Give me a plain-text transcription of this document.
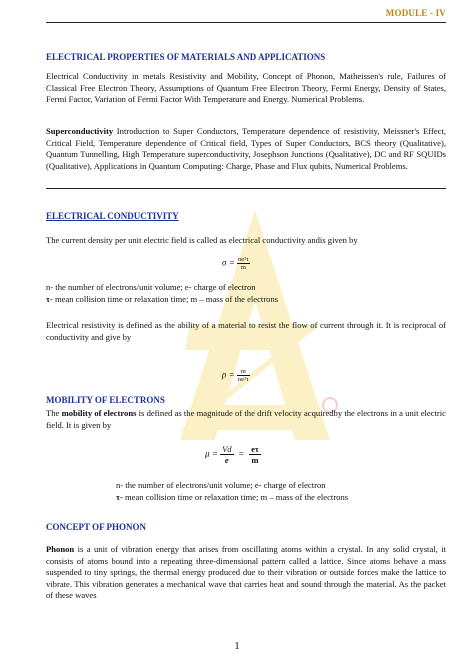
MODULE - IV
ELECTRICAL PROPERTIES OF MATERIALS AND APPLICATIONS
Electrical Conductivity in metals Resistivity and Mobility, Concept of Phonon, Matheissen's rule, Failures of Classical Free Electron Theory, Assumptions of Quantum Free Electron Theory, Fermi Energy, Density of States, Fermi Factor, Variation of Fermi Factor With Temperature and Energy. Numerical Problems.
Superconductivity Introduction to Super Conductors, Temperature dependence of resistivity, Meissner's Effect, Critical Field, Temperature dependence of Critical field, Types of Super Conductors, BCS theory (Qualitative), Quantum Tunnelling, High Temperature superconductivity, Josephson Junctions (Qualitative), DC and RF SQUIDs (Qualitative), Applications in Quantum Computing: Charge, Phase and Flux qubits, Numerical Problems.
ELECTRICAL CONDUCTIVITY
The current density per unit electric field is called as electrical conductivity andis given by
$\sigma = \frac{\text{ne²τ}}{m}$
n- the number of electrons/unit volume; e- charge of electron
τ- mean collision time or relaxation time; m – mass of the electrons
Electrical resistivity is defined as the ability of a material to resist the flow of current through it. It is reciprocal of conductivity and give by
$\rho = \frac{m}{\text{ne²τ}}$
MOBILITY OF ELECTRONS
The mobility of electrons is defined as the magnitude of the drift velocity acquiredby the electrons in a unit electric field. It is given by
$\mu = \frac{Vd}{e} = \frac{e\tau}{m}$
n- the number of electrons/unit volume; e- charge of electron
τ- mean collision time or relaxation time; m – mass of the electrons
CONCEPT OF PHONON
Phonon is a unit of vibration energy that arises from oscillating atoms within a crystal. In any solid crystal, it consists of atoms bound into a repeating three-dimensional pattern called a lattice. Since atoms behave a mass suspended to tiny springs, the thermal energy produced due to their vibration or outside forces make the lattice to vibrate. This vibration generates a mechanical wave that carries heat and sound through the material. As the packet of these waves
1
